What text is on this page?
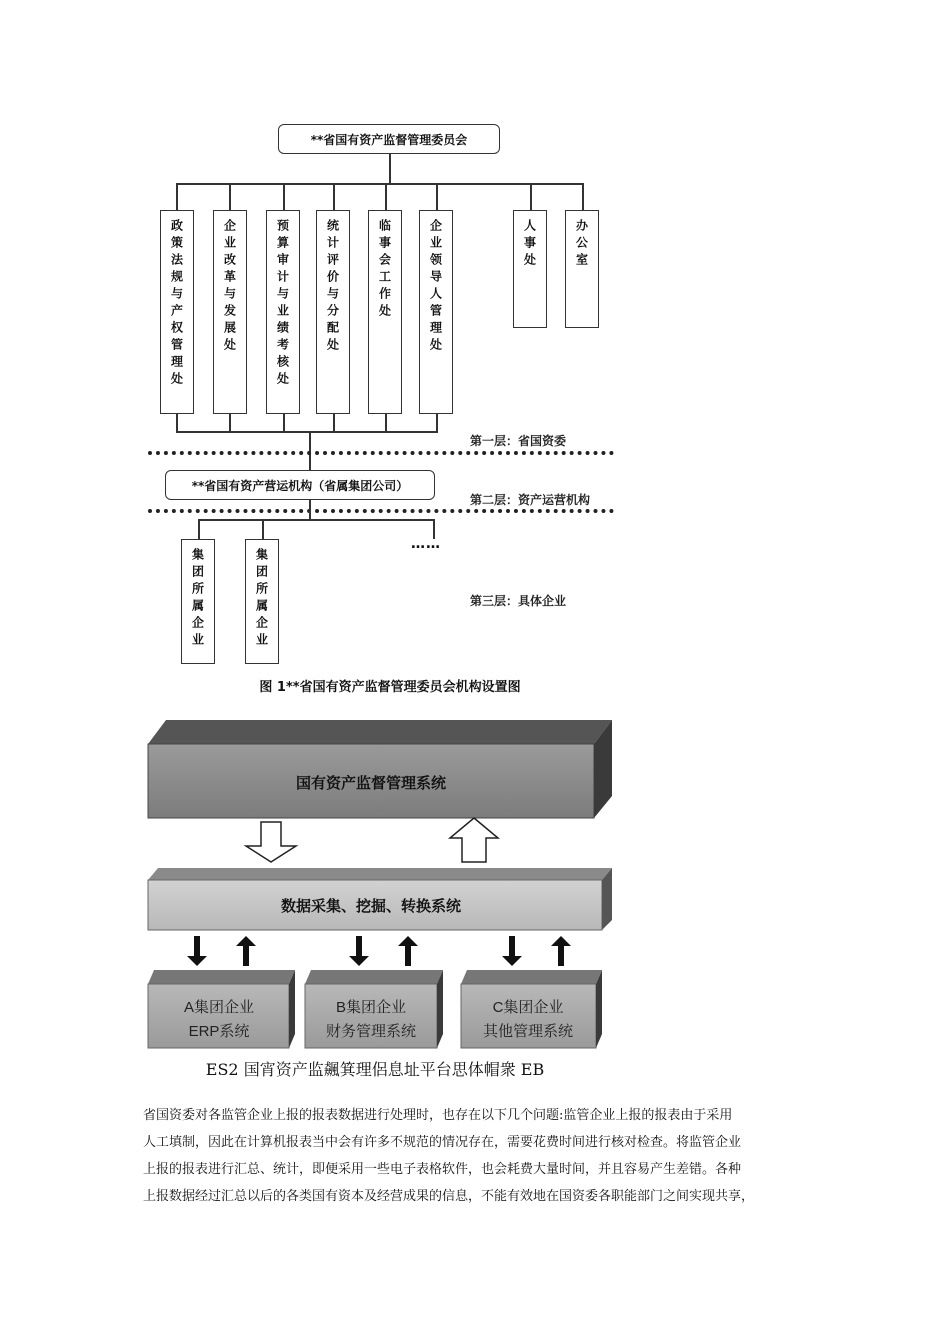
**省国有资产监督管理委员会
政策法规与产权管理处	企业改革与发展处	预算审计与业绩考核处	统计评价与分配处	临事会工作处	企业领导人管理处	人事处	办公室
第一层：省国资委
**省国有资产营运机构（省属集团公司）
第二层：资产运营机构
集团所属企业	集团所属企业
……
第三层：具体企业
图 1**省国有资产监督管理委员会机构设置图
国有资产监督管理系统
数据采集、挖掘、转换系统
A集团企业
ERP系统
B集团企业
财务管理系统
C集团企业
其他管理系统
ES2 国宵资产监飆箕理侶息址平台思体帽衆 EB
省国资委对各监管企业上报的报表数据进行处理时，也存在以下几个问题:监管企业上报的报表由于采用
人工填制，因此在计算机报表当中会有许多不规范的情况存在，需要花费时间进行核对检查。将监管企业
上报的报表进行汇总、统计，即便采用一些电子表格软件，也会耗费大量时间，并且容易产生差错。各种
上报数据经过汇总以后的各类国有资本及经营成果的信息，不能有效地在国资委各职能部门之间实现共享，
